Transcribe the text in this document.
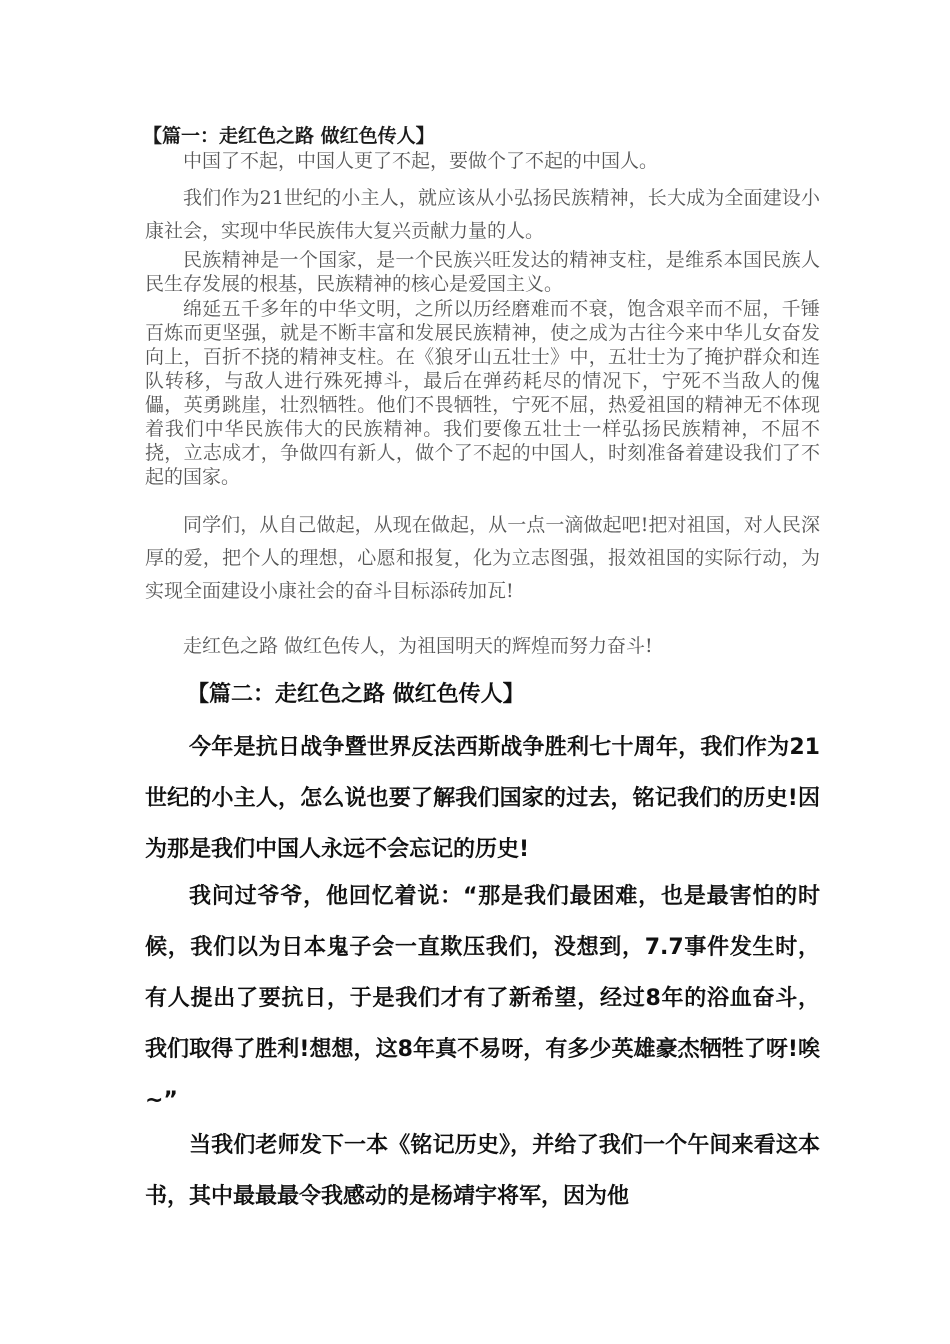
【篇一：走红色之路 做红色传人】

中国了不起，中国人更了不起，要做个了不起的中国人。

我们作为21世纪的小主人，就应该从小弘扬民族精神，长大成为全面建设小康社会，实现中华民族伟大复兴贡献力量的人。

民族精神是一个国家，是一个民族兴旺发达的精神支柱，是维系本国民族人民生存发展的根基，民族精神的核心是爱国主义。

绵延五千多年的中华文明，之所以历经磨难而不衰，饱含艰辛而不屈，千锤百炼而更坚强，就是不断丰富和发展民族精神，使之成为古往今来中华儿女奋发向上，百折不挠的精神支柱。在《狼牙山五壮士》中，五壮士为了掩护群众和连队转移，与敌人进行殊死搏斗，最后在弹药耗尽的情况下，宁死不当敌人的傀儡，英勇跳崖，壮烈牺牲。他们不畏牺牲，宁死不屈，热爱祖国的精神无不体现着我们中华民族伟大的民族精神。我们要像五壮士一样弘扬民族精神，不屈不挠，立志成才，争做四有新人，做个了不起的中国人，时刻准备着建设我们了不起的国家。

同学们，从自己做起，从现在做起，从一点一滴做起吧!把对祖国，对人民深厚的爱，把个人的理想，心愿和报复，化为立志图强，报效祖国的实际行动，为实现全面建设小康社会的奋斗目标添砖加瓦!

走红色之路 做红色传人，为祖国明天的辉煌而努力奋斗!

【篇二：走红色之路 做红色传人】

今年是抗日战争暨世界反法西斯战争胜利七十周年，我们作为21世纪的小主人，怎么说也要了解我们国家的过去，铭记我们的历史!因为那是我们中国人永远不会忘记的历史!

我问过爷爷，他回忆着说：“那是我们最困难，也是最害怕的时候，我们以为日本鬼子会一直欺压我们，没想到，7.7事件发生时，有人提出了要抗日，于是我们才有了新希望，经过8年的浴血奋斗，我们取得了胜利!想想，这8年真不易呀，有多少英雄豪杰牺牲了呀!唉~”

当我们老师发下一本《铭记历史》，并给了我们一个午间来看这本书，其中最最最令我感动的是杨靖宇将军，因为他
